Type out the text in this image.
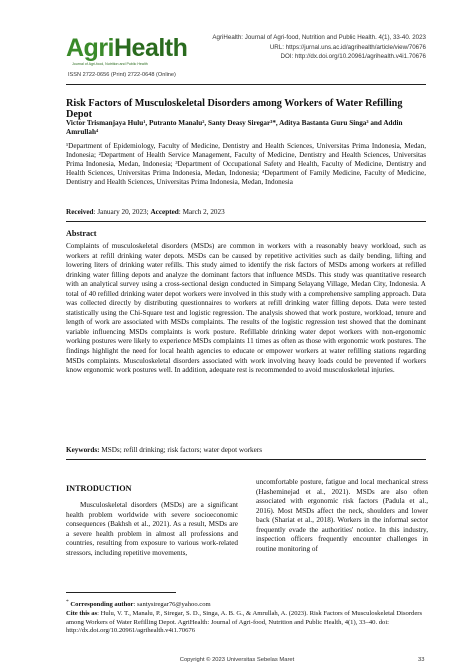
AgriHealth
Journal of Agri-food, Nutrition and Public Health
ISSN 2722-0656 (Print) 2722-0648 (Online)
AgriHealth: Journal of Agri-food, Nutrition and Public Health. 4(1), 33-40. 2023
URL: https://jurnal.uns.ac.id/agrihealth/article/view/70676
DOI: http://dx.doi.org/10.20961/agrihealth.v4i1.70676
Risk Factors of Musculoskeletal Disorders among Workers of Water Refilling Depot
Victor Trismanjaya Hulu¹, Putranto Manalu², Santy Deasy Siregar³*, Aditya Bastanta Guru Singa³ and Addin Amrullah⁴
¹Department of Epidemiology, Faculty of Medicine, Dentistry and Health Sciences, Universitas Prima Indonesia, Medan, Indonesia; ²Department of Health Service Management, Faculty of Medicine, Dentistry and Health Sciences, Universitas Prima Indonesia, Medan, Indonesia; ³Department of Occupational Safety and Health, Faculty of Medicine, Dentistry and Health Sciences, Universitas Prima Indonesia, Medan, Indonesia; ⁴Department of Family Medicine, Faculty of Medicine, Dentistry and Health Sciences, Universitas Prima Indonesia, Medan, Indonesia
Received: January 20, 2023; Accepted: March 2, 2023
Abstract
Complaints of musculoskeletal disorders (MSDs) are common in workers with a reasonably heavy workload, such as workers at refill drinking water depots. MSDs can be caused by repetitive activities such as daily bending, lifting and lowering liters of drinking water refills. This study aimed to identify the risk factors of MSDs among workers at refilled drinking water filling depots and analyze the dominant factors that influence MSDs. This study was quantitative research with an analytical survey using a cross-sectional design conducted in Simpang Selayang Village, Medan City, Indonesia. A total of 40 refilled drinking water depot workers were involved in this study with a comprehensive sampling approach. Data was collected directly by distributing questionnaires to workers at refill drinking water filling depots. Data were tested statistically using the Chi-Square test and logistic regression. The analysis showed that work posture, workload, tenure and length of work are associated with MSDs complaints. The results of the logistic regression test showed that the dominant variable influencing MSDs complaints is work posture. Refillable drinking water depot workers with non-ergonomic working postures were likely to experience MSDs complaints 11 times as often as those with ergonomic work postures. The findings highlight the need for local health agencies to educate or empower workers at water refilling stations regarding MSDs complaints. Musculoskeletal disorders associated with work involving heavy loads could be prevented if workers know ergonomic work postures well. In addition, adequate rest is recommended to avoid musculoskeletal injuries.
Keywords: MSDs; refill drinking; risk factors; water depot workers
INTRODUCTION
Musculoskeletal disorders (MSDs) are a significant health problem worldwide with severe socioeconomic consequences (Bakhsh et al., 2021). As a result, MSDs are a severe health problem in almost all professions and countries, resulting from exposure to various work-related stressors, including repetitive movements,
uncomfortable posture, fatigue and local mechanical stress (Hasheminejad et al., 2021). MSDs are also often associated with ergonomic risk factors (Padula et al., 2016). Most MSDs affect the neck, shoulders and lower back (Shariat et al., 2018). Workers in the informal sector frequently evade the authorities' notice. In this industry, inspection officers frequently encounter challenges in routine monitoring of
* Corresponding author: santysiregar76@yahoo.com
Cite this as: Hulu, V. T., Manalu, P., Siregar, S. D., Singa, A. B. G., & Amrullah, A. (2023). Risk Factors of Musculoskeletal Disorders among Workers of Water Refilling Depot. AgriHealth: Journal of Agri-food, Nutrition and Public Health, 4(1), 33–40. doi: http://dx.doi.org/10.20961/agrihealth.v4i1.70676
Copyright © 2023 Universitas Sebelas Maret	33
